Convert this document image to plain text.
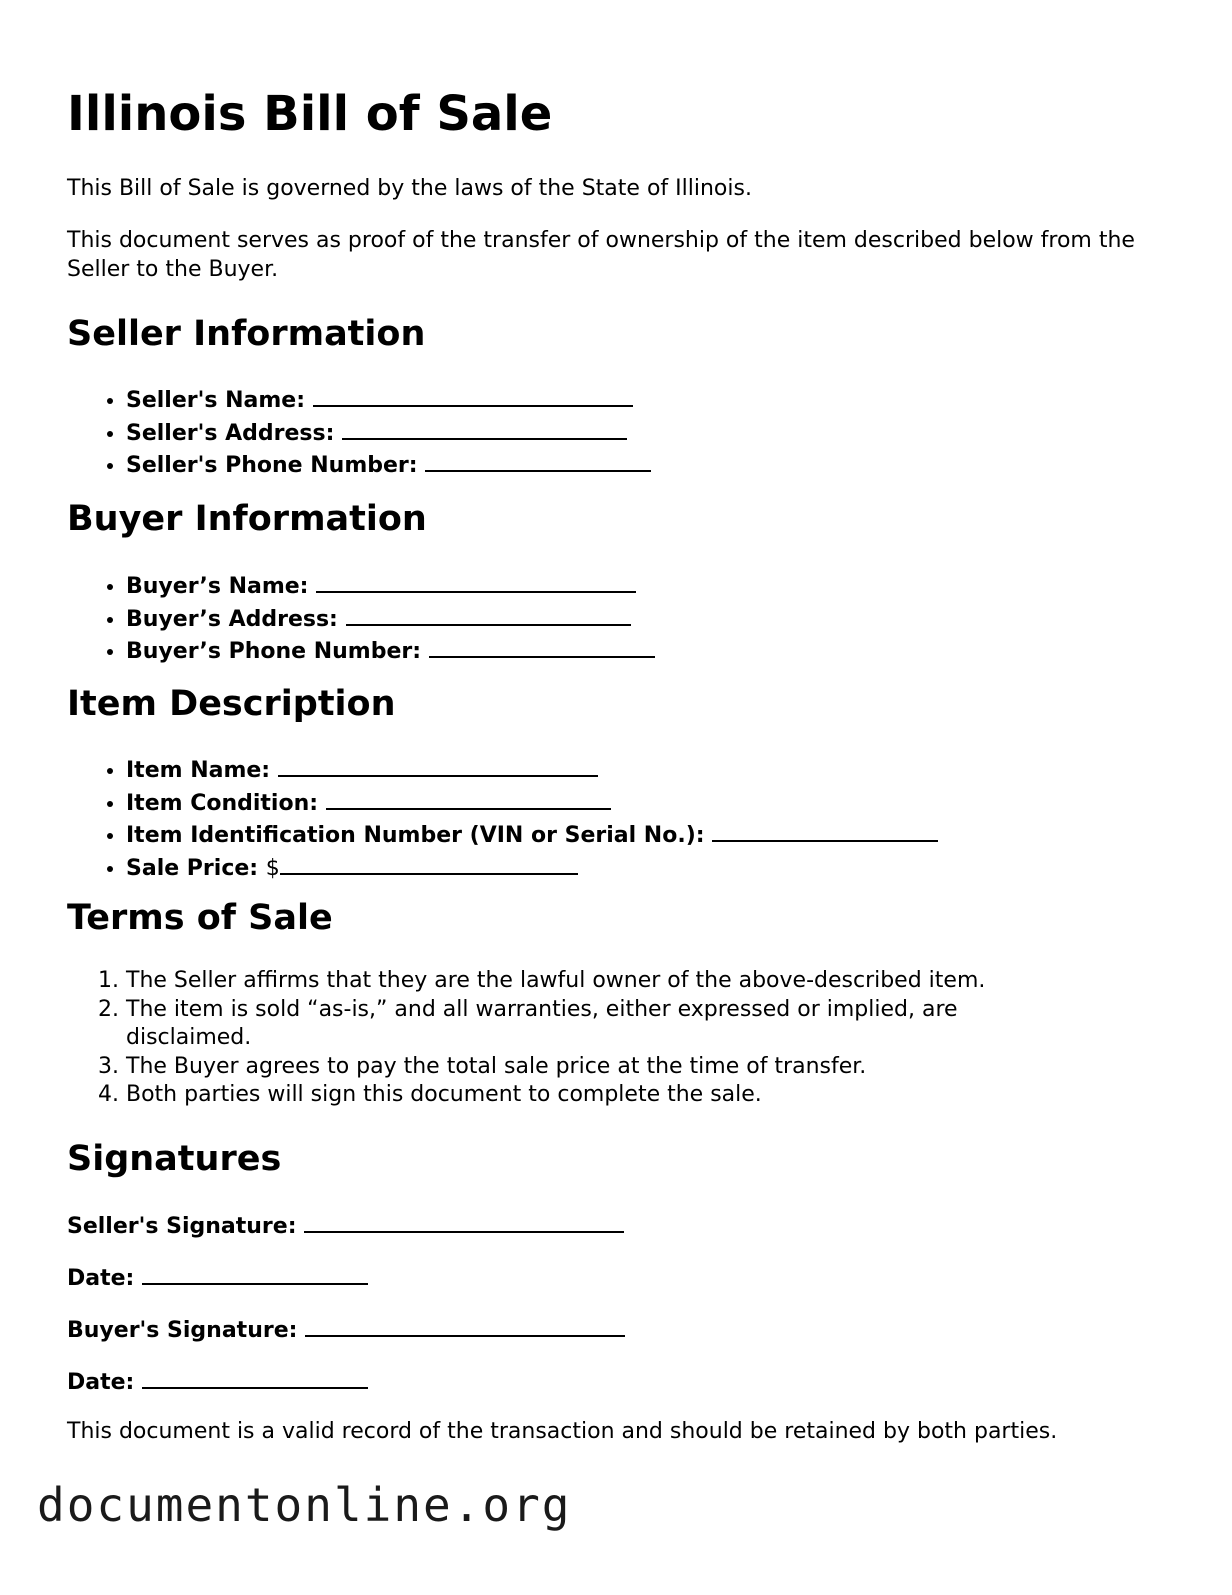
Illinois Bill of Sale

This Bill of Sale is governed by the laws of the State of Illinois.

This document serves as proof of the transfer of ownership of the item described below from the Seller to the Buyer.

Seller Information
• Seller's Name:
• Seller's Address:
• Seller's Phone Number:
Buyer Information
• Buyer’s Name:
• Buyer’s Address:
• Buyer’s Phone Number:
Item Description
• Item Name:
• Item Condition:
• Item Identification Number (VIN or Serial No.):
• Sale Price: $
Terms of Sale
1. The Seller affirms that they are the lawful owner of the above-described item.
2. The item is sold “as-is,” and all warranties, either expressed or implied, are disclaimed.
3. The Buyer agrees to pay the total sale price at the time of transfer.
4. Both parties will sign this document to complete the sale.
Signatures

Seller's Signature:

Date:

Buyer's Signature:

Date:

This document is a valid record of the transaction and should be retained by both parties.

documentonline.org
